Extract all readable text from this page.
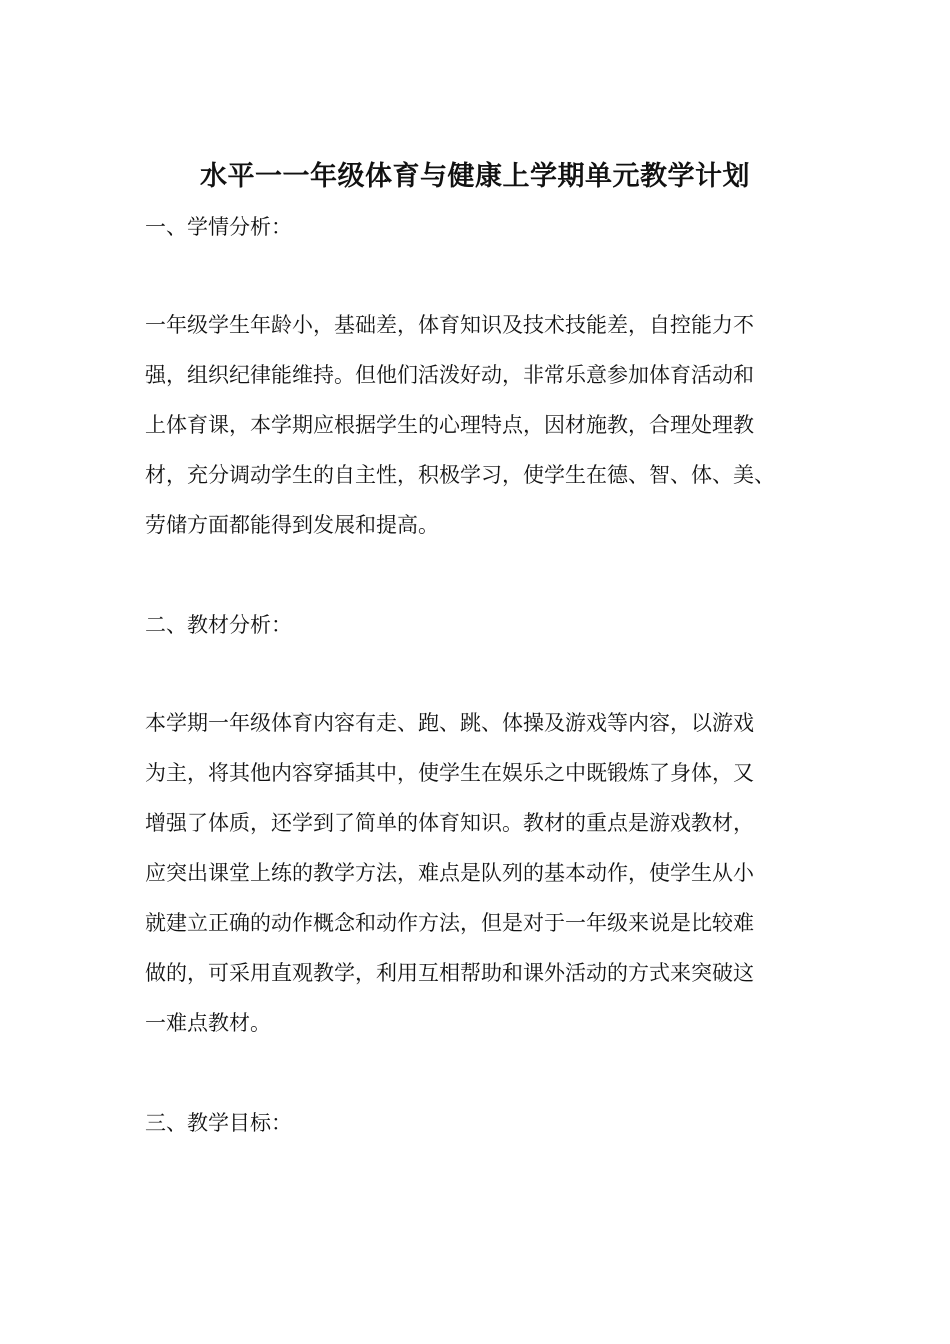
水平一一年级体育与健康上学期单元教学计划
一、学情分析：
一年级学生年龄小，基础差，体育知识及技术技能差，自控能力不
强，组织纪律能维持。但他们活泼好动，非常乐意参加体育活动和
上体育课，本学期应根据学生的心理特点，因材施教，合理处理教
材，充分调动学生的自主性，积极学习，使学生在德、智、体、美、
劳储方面都能得到发展和提高。
二、教材分析：
本学期一年级体育内容有走、跑、跳、体操及游戏等内容，以游戏
为主，将其他内容穿插其中，使学生在娱乐之中既锻炼了身体，又
增强了体质，还学到了简单的体育知识。教材的重点是游戏教材，
应突出课堂上练的教学方法，难点是队列的基本动作，使学生从小
就建立正确的动作概念和动作方法，但是对于一年级来说是比较难
做的，可采用直观教学，利用互相帮助和课外活动的方式来突破这
一难点教材。
三、教学目标：
